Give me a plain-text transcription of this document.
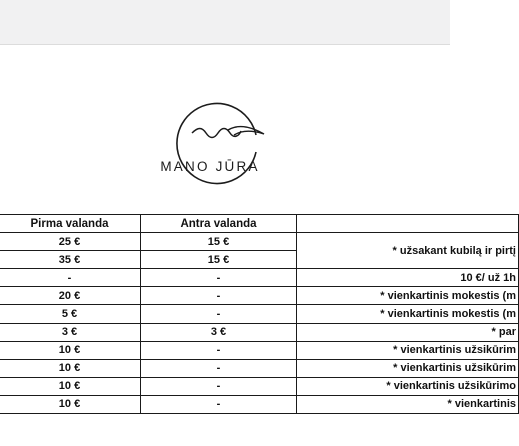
MANO JŪRA
Pirma valanda	Antra valanda	
25 €	15 €	* užsakant kubilą ir pirtį
35 €	15 €	
-	-	10 €/ už 1h
20 €	-	* vienkartinis mokestis (m
5 €	-	* vienkartinis mokestis (m
3 €	3 €	* par
10 €	-	* vienkartinis užsikūrim
10 €	-	* vienkartinis užsikūrim
10 €	-	* vienkartinis užsikūrimo
10 €	-	* vienkartinis
